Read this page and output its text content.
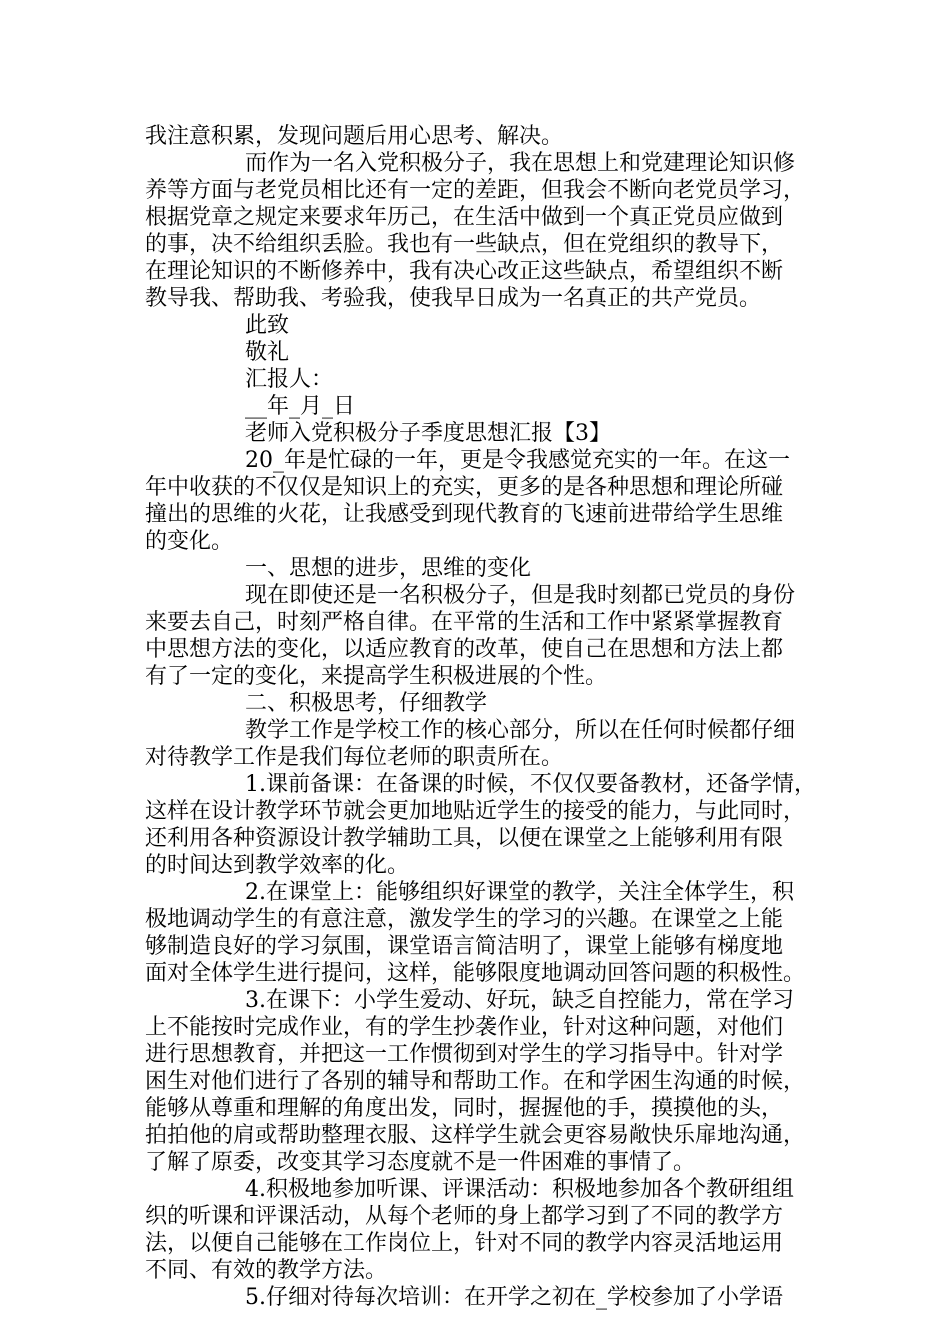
我注意积累，发现问题后用心思考、解决。
而作为一名入党积极分子，我在思想上和党建理论知识修
养等方面与老党员相比还有一定的差距，但我会不断向老党员学习，
根据党章之规定来要求年历己，在生活中做到一个真正党员应做到
的事，决不给组织丢脸。我也有一些缺点，但在党组织的教导下，
在理论知识的不断修养中，我有决心改正这些缺点，希望组织不断
教导我、帮助我、考验我，使我早日成为一名真正的共产党员。
此致
敬礼
汇报人：
__年_月_日
老师入党积极分子季度思想汇报【3】
20_年是忙碌的一年，更是令我感觉充实的一年。在这一
年中收获的不仅仅是知识上的充实，更多的是各种思想和理论所碰
撞出的思维的火花，让我感受到现代教育的飞速前进带给学生思维
的变化。
一、思想的进步，思维的变化
现在即使还是一名积极分子，但是我时刻都已党员的身份
来要去自己，时刻严格自律。在平常的生活和工作中紧紧掌握教育
中思想方法的变化，以适应教育的改革，使自己在思想和方法上都
有了一定的变化，来提高学生积极进展的个性。
二、积极思考，仔细教学
教学工作是学校工作的核心部分，所以在任何时候都仔细
对待教学工作是我们每位老师的职责所在。
1.课前备课：在备课的时候，不仅仅要备教材，还备学情，
这样在设计教学环节就会更加地贴近学生的接受的能力，与此同时，
还利用各种资源设计教学辅助工具，以便在课堂之上能够利用有限
的时间达到教学效率的化。
2.在课堂上：能够组织好课堂的教学，关注全体学生，积
极地调动学生的有意注意，激发学生的学习的兴趣。在课堂之上能
够制造良好的学习氛围，课堂语言简洁明了，课堂上能够有梯度地
面对全体学生进行提问，这样，能够限度地调动回答问题的积极性。
3.在课下：小学生爱动、好玩，缺乏自控能力，常在学习
上不能按时完成作业，有的学生抄袭作业，针对这种问题，对他们
进行思想教育，并把这一工作惯彻到对学生的学习指导中。针对学
困生对他们进行了各别的辅导和帮助工作。在和学困生沟通的时候，
能够从尊重和理解的角度出发，同时，握握他的手，摸摸他的头，
拍拍他的肩或帮助整理衣服、这样学生就会更容易敞快乐扉地沟通，
了解了原委，改变其学习态度就不是一件困难的事情了。
4.积极地参加听课、评课活动：积极地参加各个教研组组
织的听课和评课活动，从每个老师的身上都学习到了不同的教学方
法，以便自己能够在工作岗位上，针对不同的教学内容灵活地运用
不同、有效的教学方法。
5.仔细对待每次培训：在开学之初在_学校参加了小学语
